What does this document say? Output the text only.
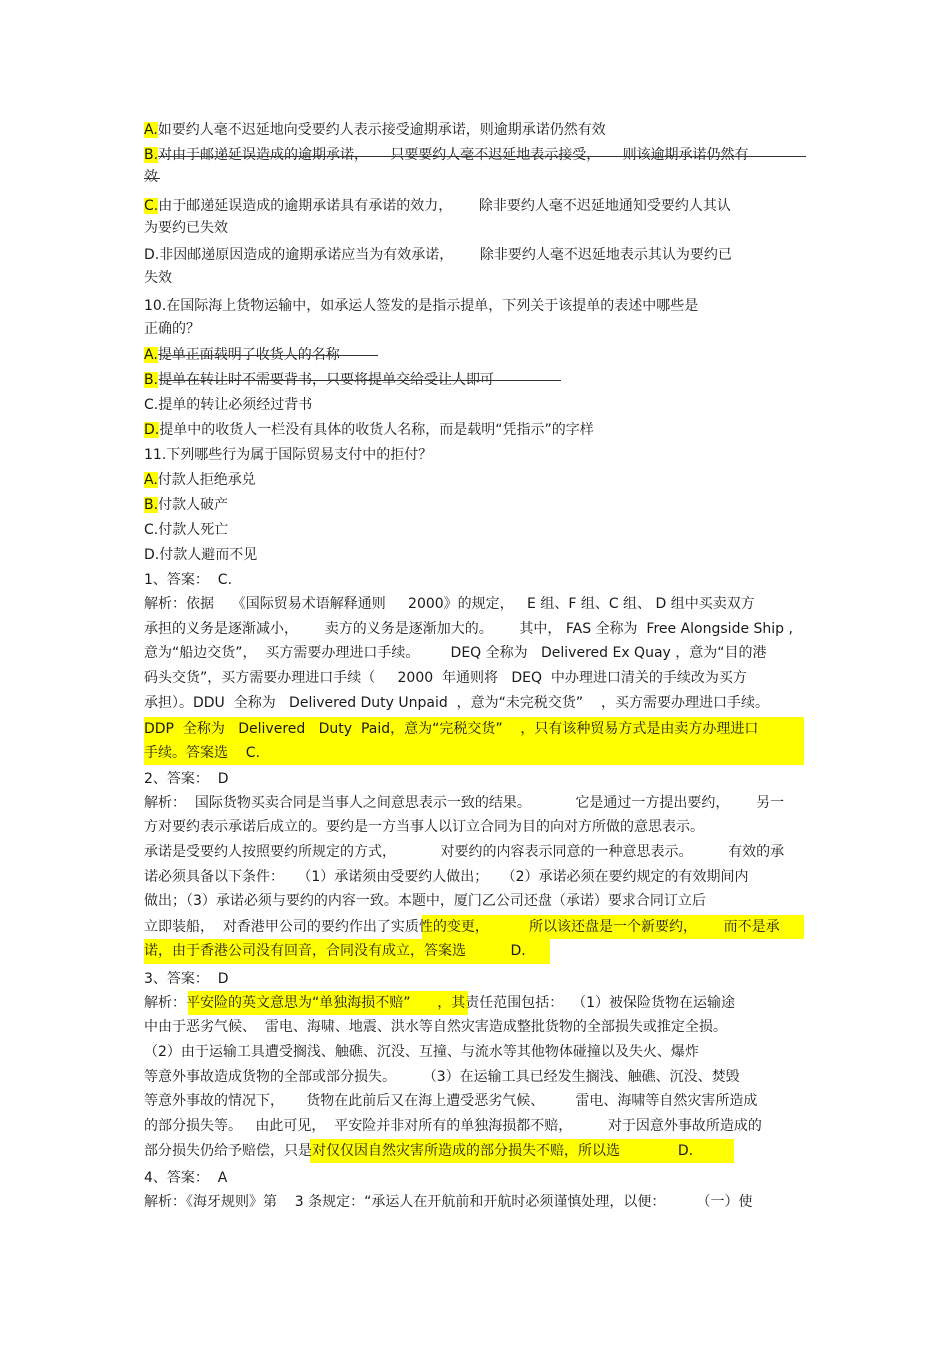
A.如要约人毫不迟延地向受要约人表示接受逾期承诺，则逾期承诺仍然有效
B.对由于邮递延误造成的逾期承诺，     只要要约人毫不迟延地表示接受，     则该逾期承诺仍然有
效
C.由于邮递延误造成的逾期承诺具有承诺的效力，      除非要约人毫不迟延地通知受要约人其认
为要约已失效
D.非因邮递原因造成的逾期承诺应当为有效承诺，      除非要约人毫不迟延地表示其认为要约已
失效
10.在国际海上货物运输中，如承运人签发的是指示提单，下列关于该提单的表述中哪些是
正确的？
A.提单正面载明了收货人的名称
B.提单在转让时不需要背书，只要将提单交给受让人即可
C.提单的转让必须经过背书
D.提单中的收货人一栏没有具体的收货人名称，而是载明“凭指示”的字样
11.下列哪些行为属于国际贸易支付中的拒付？
A.付款人拒绝承兑
B.付款人破产
C.付款人死亡
D.付款人避而不见
1、答案：  C.
解析：依据    《国际贸易术语解释通则     2000》的规定，   E 组、F 组、C 组、 D 组中买卖双方
承担的义务是逐渐减小，      卖方的义务是逐渐加大的。      其中， FAS 全称为  Free Alongside Ship ,
意为“船边交货”，  买方需要办理进口手续。       DEQ 全称为   Delivered Ex Quay ，意为“目的港
码头交货”，买方需要办理进口手续（     2000  年通则将   DEQ  中办理进口清关的手续改为买方
承担）。DDU  全称为   Delivered Duty Unpaid  ，意为“未完税交货”    ，买方需要办理进口手续。
DDP  全称为   Delivered   Duty  Paid，意为“完税交货”    ，只有该种贸易方式是由卖方办理进口
手续。答案选    C.
2、答案：  D
解析：  国际货物买卖合同是当事人之间意思表示一致的结果。          它是通过一方提出要约，      另一
方对要约表示承诺后成立的。要约是一方当事人以订立合同为目的向对方所做的意思表示。
承诺是受要约人按照要约所规定的方式，          对要约的内容表示同意的一种意思表示。        有效的承
诺必须具备以下条件：   （1）承诺须由受要约人做出；   （2）承诺必须在要约规定的有效期间内
做出；（3）承诺必须与要约的内容一致。本题中，厦门乙公司还盘（承诺）要求合同订立后
立即装船，  对香港甲公司的要约作出了实质性的变更，         所以该还盘是一个新要约，      而不是承
诺，由于香港公司没有回音，合同没有成立，答案选          D.
3、答案：  D
解析：平安险的英文意思为“单独海损不赔”      ，其责任范围包括：  （1）被保险货物在运输途
中由于恶劣气候、  雷电、海啸、地震、洪水等自然灾害造成整批货物的全部损失或推定全损。
（2）由于运输工具遭受搁浅、触礁、沉没、互撞、与流水等其他物体碰撞以及失火、爆炸
等意外事故造成货物的全部或部分损失。      （3）在运输工具已经发生搁浅、触礁、沉没、焚毁
等意外事故的情况下，     货物在此前后又在海上遭受恶劣气候、       雷电、海啸等自然灾害所造成
的部分损失等。   由此可见，  平安险并非对所有的单独海损都不赔，        对于因意外事故所造成的
部分损失仍给予赔偿，只是对仅仅因自然灾害所造成的部分损失不赔，所以选             D.
4、答案：  A
解析：《海牙规则》第    3 条规定：“承运人在开航前和开航时必须谨慎处理，以便：       （一）使
